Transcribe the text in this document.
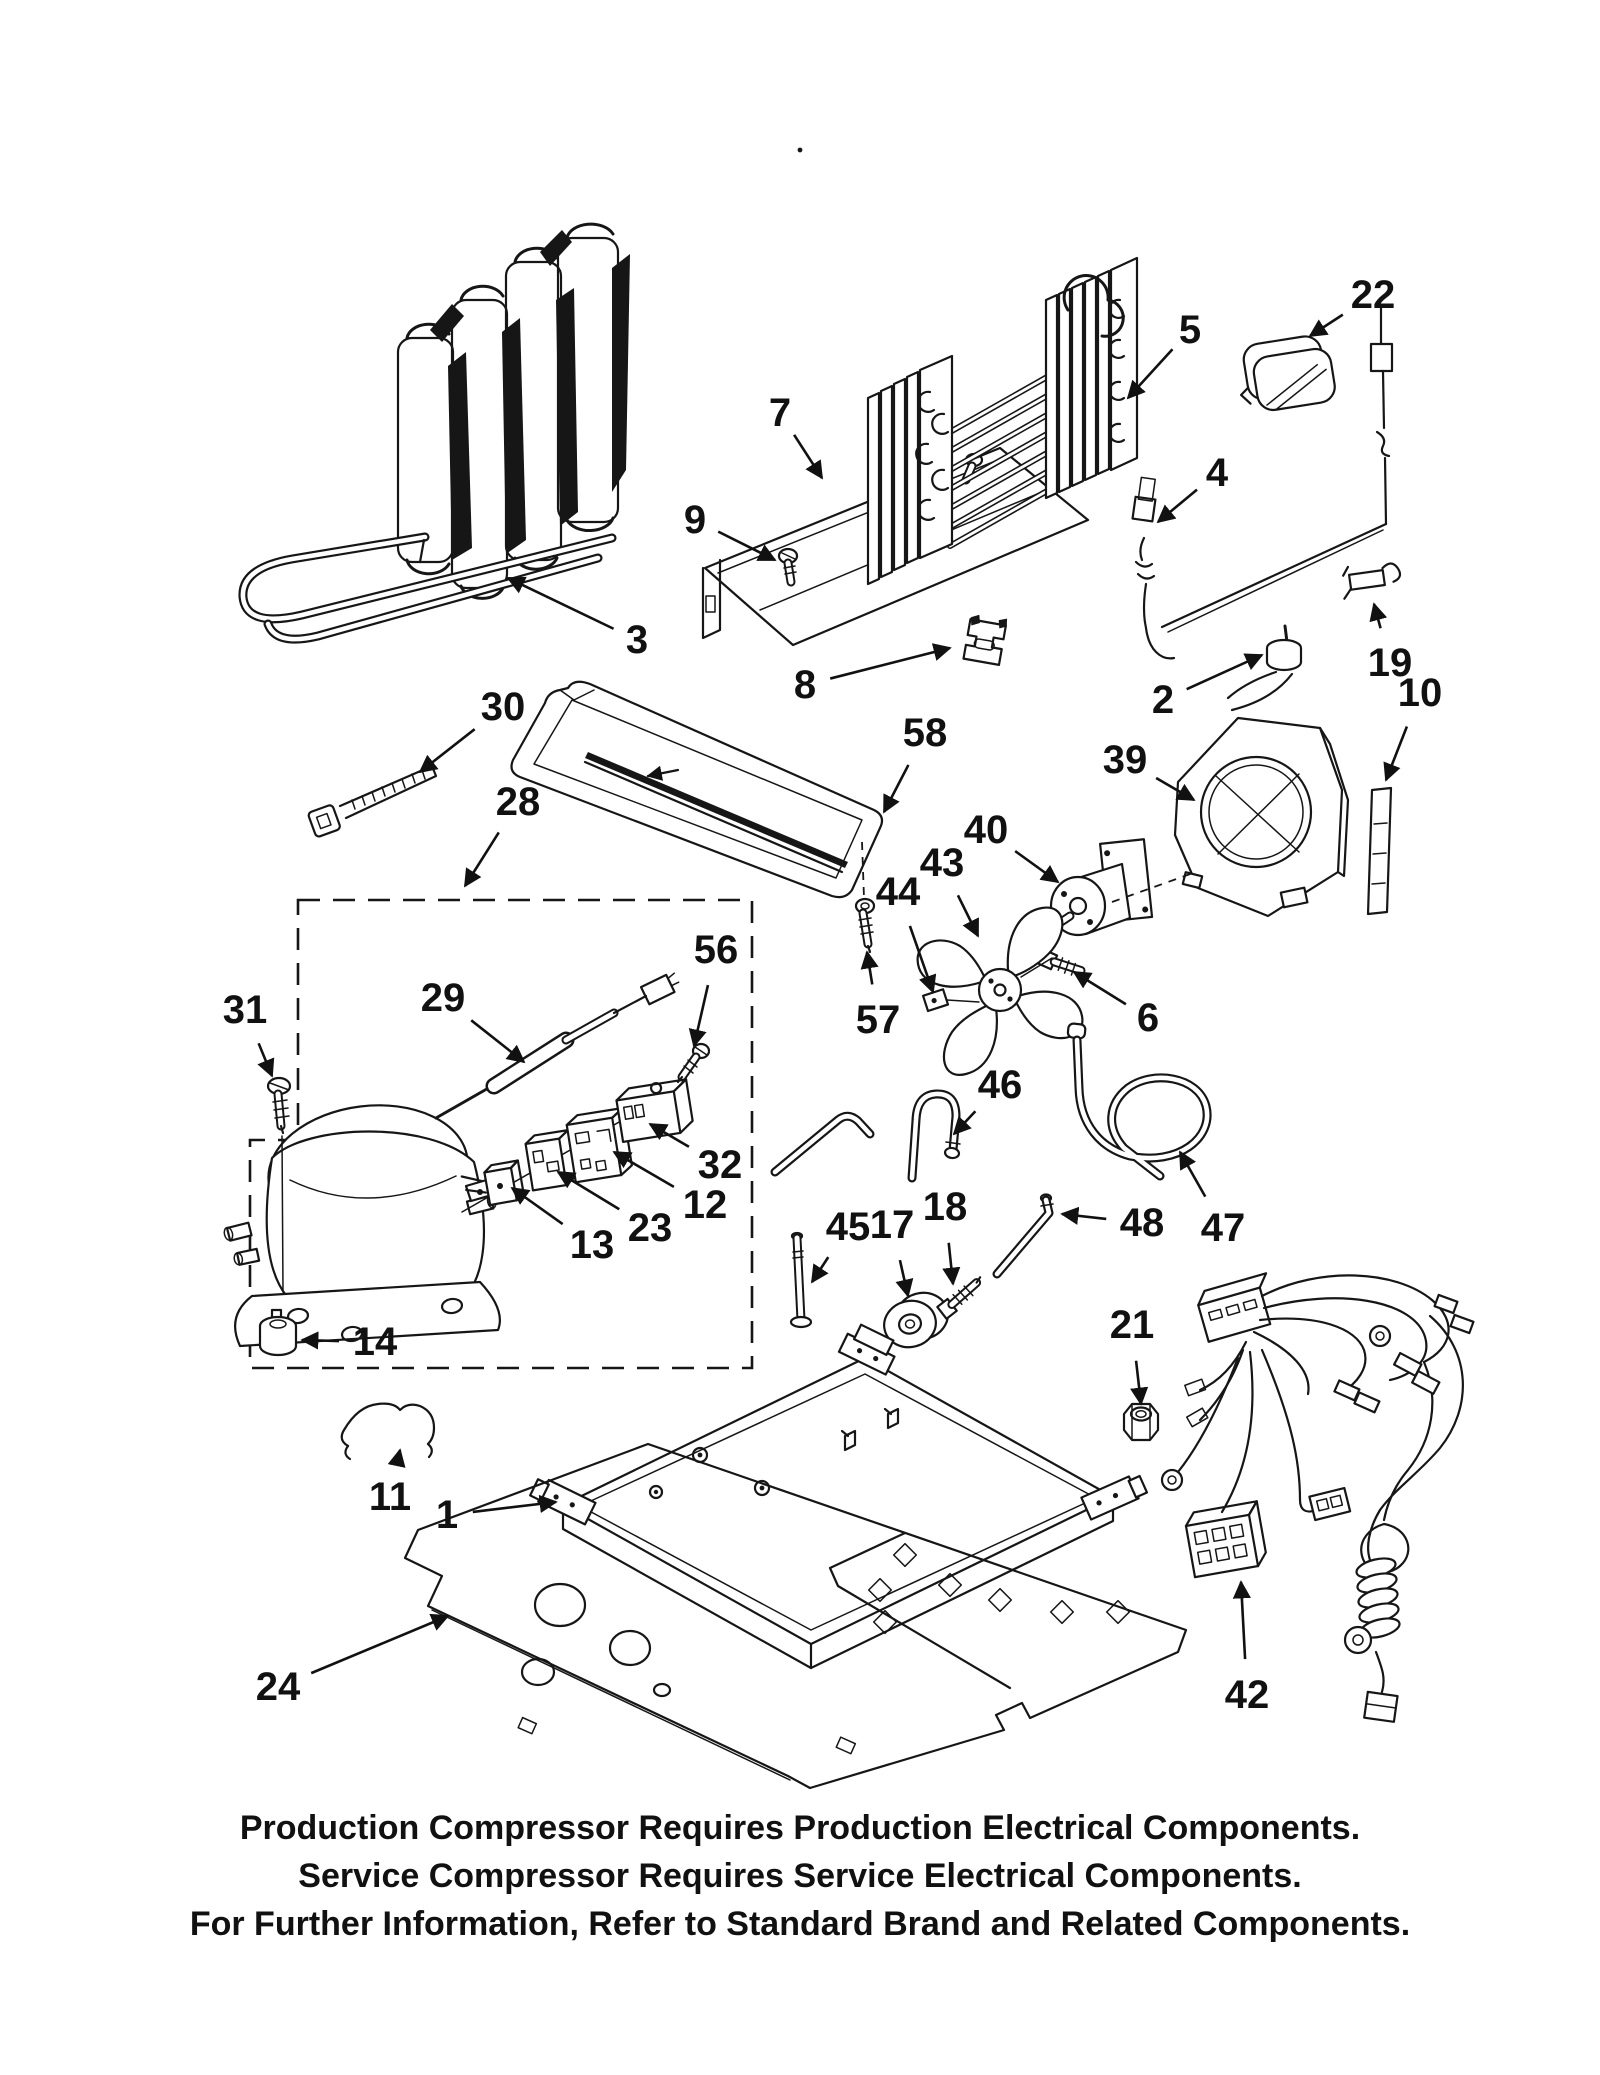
1
2
3
4
5
6
7
8
9
10
11
12
13
14
17 18
19
21
22
23
24
28
29
30
31
32
39
40
42
43
44
45
46
47
48
56
57
58
Production Compressor Requires Production Electrical Components.
Service Compressor Requires Service Electrical Components.
For Further Information, Refer to Standard Brand and Related Components.
